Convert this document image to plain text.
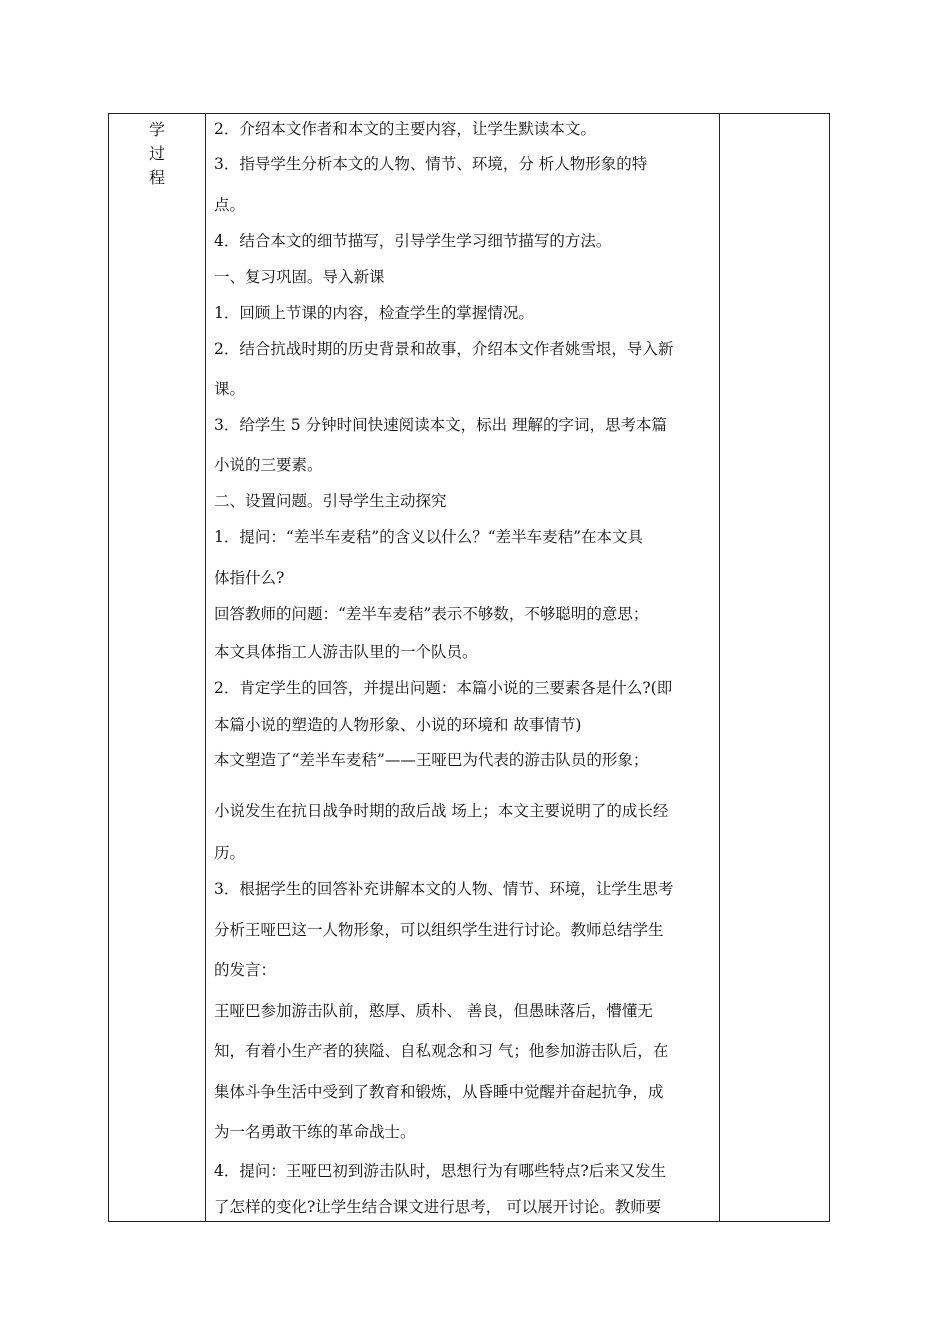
学
过
程
2．介绍本文作者和本文的主要内容，让学生默读本文。
3．指导学生分析本文的人物、情节、环境，分 析人物形象的特
点。
4．结合本文的细节描写，引导学生学习细节描写的方法。
一、复习巩固。导入新课
1．回顾上节课的内容，检查学生的掌握情况。
2．结合抗战时期的历史背景和故事，介绍本文作者姚雪垠，导入新
课。
3．给学生 5 分钟时间快速阅读本文，标出 理解的字词，思考本篇
小说的三要素。
二、设置问题。引导学生主动探究
1．提问：“差半车麦秸”的含义以什么？“差半车麦秸”在本文具
体指什么?
回答教师的问题：“差半车麦秸”表示不够数，不够聪明的意思；
本文具体指工人游击队里的一个队员。
2．肯定学生的回答，并提出问题：本篇小说的三要素各是什么?(即
本篇小说的塑造的人物形象、小说的环境和 故事情节)
本文塑造了“差半车麦秸”——王哑巴为代表的游击队员的形象；
小说发生在抗日战争时期的敌后战 场上；本文主要说明了的成长经
历。
3．根据学生的回答补充讲解本文的人物、情节、环境，让学生思考
分析王哑巴这一人物形象，可以组织学生进行讨论。教师总结学生
的发言：
王哑巴参加游击队前，憨厚、质朴、 善良，但愚昧落后，懵懂无
知，有着小生产者的狭隘、自私观念和习 气；他参加游击队后，在
集体斗争生活中受到了教育和锻炼，从昏睡中觉醒并奋起抗争，成
为一名勇敢干练的革命战士。
4．提问：王哑巴初到游击队时，思想行为有哪些特点?后来又发生
了怎样的变化?让学生结合课文进行思考， 可以展开讨论。教师要
